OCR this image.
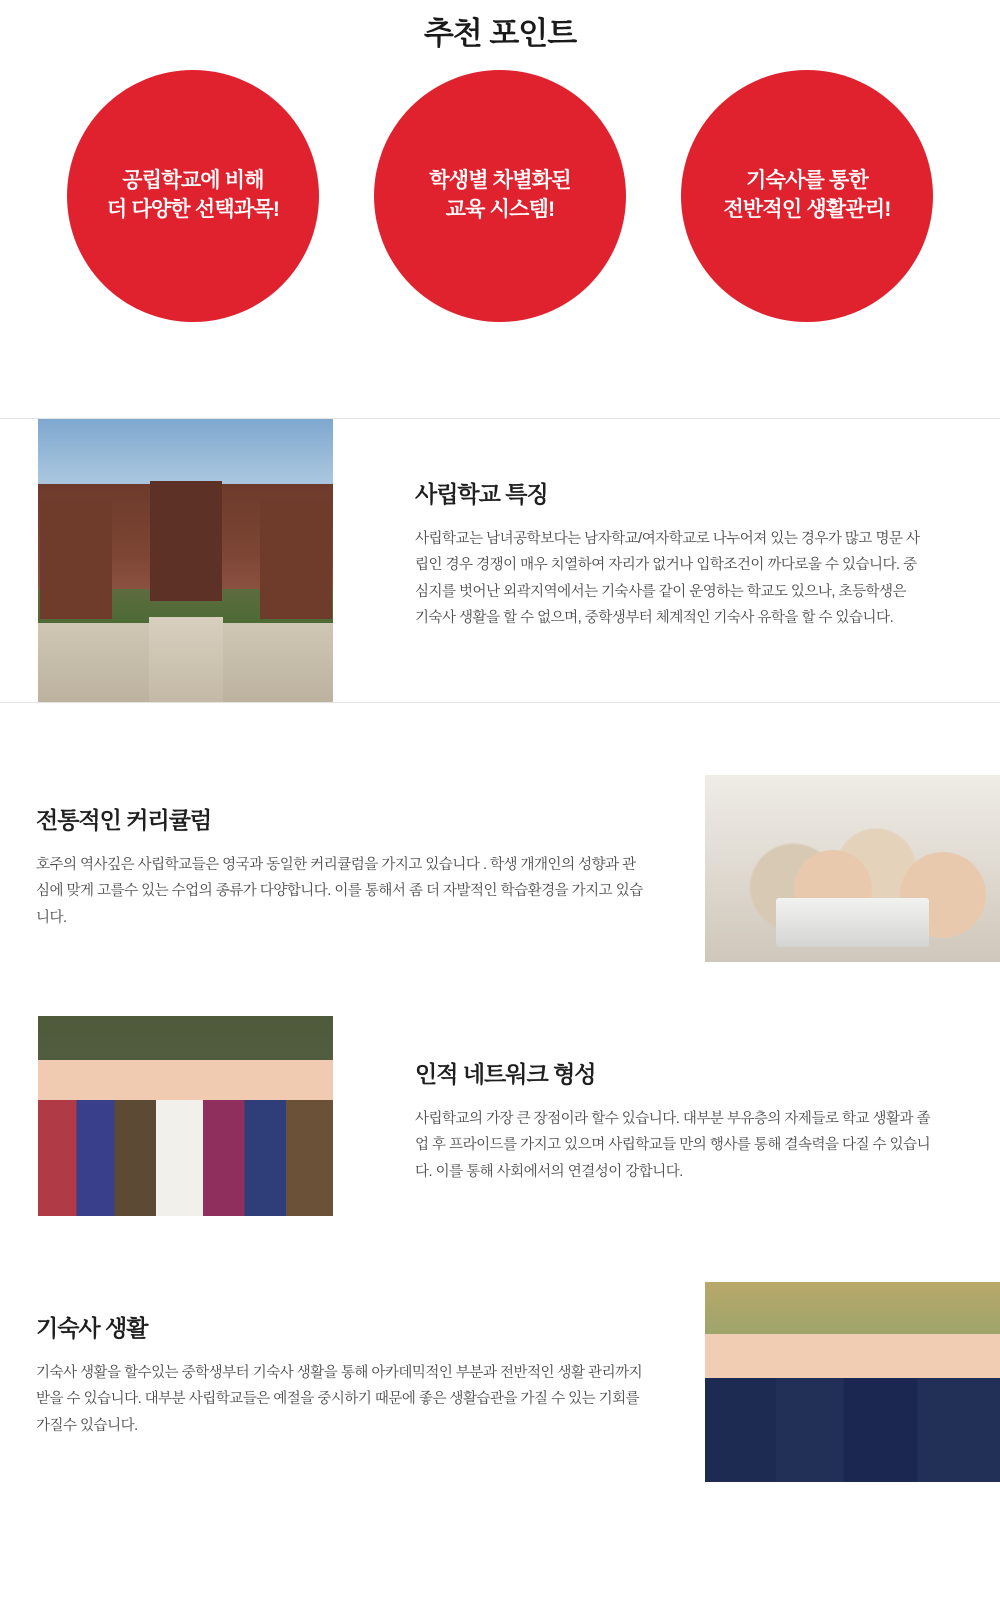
추천 포인트
공립학교에 비해
더 다양한 선택과목!
학생별 차별화된
교육 시스템!
기숙사를 통한
전반적인 생활관리!
사립학교 특징

사립학교는 남녀공학보다는 남자학교/여자학교로 나누어져 있는 경우가 많고 명문 사립인 경우 경쟁이 매우 치열하여 자리가 없거나 입학조건이 까다로울 수 있습니다. 중심지를 벗어난 외곽지역에서는 기숙사를 같이 운영하는 학교도 있으나, 초등학생은 기숙사 생활을 할 수 없으며, 중학생부터 체계적인 기숙사 유학을 할 수 있습니다.

전통적인 커리큘럼

호주의 역사깊은 사립학교들은 영국과 동일한 커리큘럼을 가지고 있습니다 . 학생 개개인의 성향과 관심에 맞게 고를수 있는 수업의 종류가 다양합니다. 이를 통해서 좀 더 자발적인 학습환경을 가지고 있습니다.

인적 네트워크 형성

사립학교의 가장 큰 장점이라 할수 있습니다. 대부분 부유층의 자제들로 학교 생활과 졸업 후 프라이드를 가지고 있으며 사립학교들 만의 행사를 통해 결속력을 다질 수 있습니다. 이를 통해 사회에서의 연결성이 강합니다.

기숙사 생활

기숙사 생활을 할수있는 중학생부터 기숙사 생활을 통해 아카데믹적인 부분과 전반적인 생활 관리까지 받을 수 있습니다. 대부분 사립학교들은 예절을 중시하기 때문에 좋은 생활습관을 가질 수 있는 기회를 가질수 있습니다.
